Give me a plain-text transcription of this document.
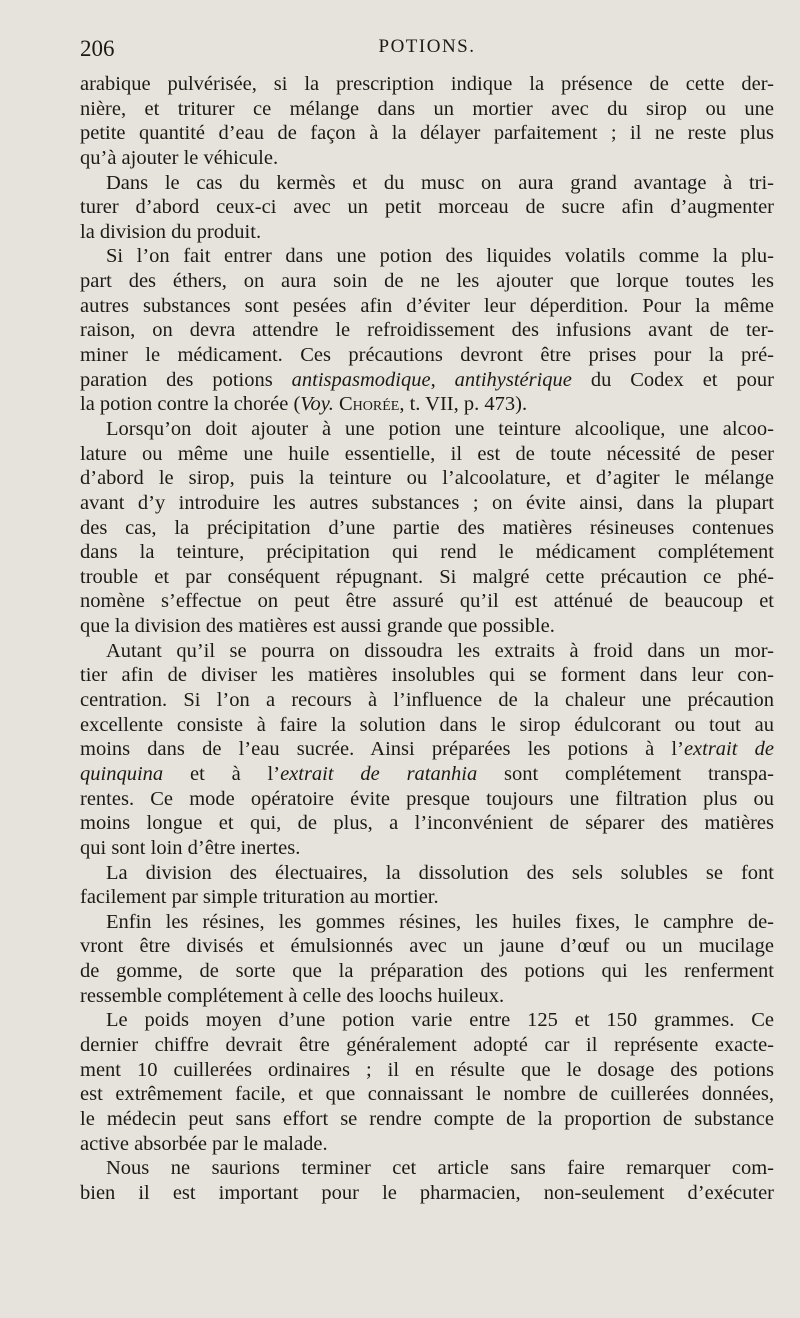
206	POTIONS.
arabique pulvérisée, si la prescription indique la présence de cette der-
nière, et triturer ce mélange dans un mortier avec du sirop ou une
petite quantité d’eau de façon à la délayer parfaitement ; il ne reste plus
qu’à ajouter le véhicule.
Dans le cas du kermès et du musc on aura grand avantage à tri-
turer d’abord ceux-ci avec un petit morceau de sucre afin d’augmenter
la division du produit.
Si l’on fait entrer dans une potion des liquides volatils comme la plu-
part des éthers, on aura soin de ne les ajouter que lorque toutes les
autres substances sont pesées afin d’éviter leur déperdition. Pour la même
raison, on devra attendre le refroidissement des infusions avant de ter-
miner le médicament. Ces précautions devront être prises pour la pré-
paration des potions antispasmodique, antihystérique du Codex et pour
la potion contre la chorée (Voy. Chorée, t. VII, p. 473).
Lorsqu’on doit ajouter à une potion une teinture alcoolique, une alcoo-
lature ou même une huile essentielle, il est de toute nécessité de peser
d’abord le sirop, puis la teinture ou l’alcoolature, et d’agiter le mélange
avant d’y introduire les autres substances ; on évite ainsi, dans la plupart
des cas, la précipitation d’une partie des matières résineuses contenues
dans la teinture, précipitation qui rend le médicament complétement
trouble et par conséquent répugnant. Si malgré cette précaution ce phé-
nomène s’effectue on peut être assuré qu’il est atténué de beaucoup et
que la division des matières est aussi grande que possible.
Autant qu’il se pourra on dissoudra les extraits à froid dans un mor-
tier afin de diviser les matières insolubles qui se forment dans leur con-
centration. Si l’on a recours à l’influence de la chaleur une précaution
excellente consiste à faire la solution dans le sirop édulcorant ou tout au
moins dans de l’eau sucrée. Ainsi préparées les potions à l’extrait de
quinquina et à l’extrait de ratanhia sont complétement transpa-
rentes. Ce mode opératoire évite presque toujours une filtration plus ou
moins longue et qui, de plus, a l’inconvénient de séparer des matières
qui sont loin d’être inertes.
La division des électuaires, la dissolution des sels solubles se font
facilement par simple trituration au mortier.
Enfin les résines, les gommes résines, les huiles fixes, le camphre de-
vront être divisés et émulsionnés avec un jaune d’œuf ou un mucilage
de gomme, de sorte que la préparation des potions qui les renferment
ressemble complétement à celle des loochs huileux.
Le poids moyen d’une potion varie entre 125 et 150 grammes. Ce
dernier chiffre devrait être généralement adopté car il représente exacte-
ment 10 cuillerées ordinaires ; il en résulte que le dosage des potions
est extrêmement facile, et que connaissant le nombre de cuillerées données,
le médecin peut sans effort se rendre compte de la proportion de substance
active absorbée par le malade.
Nous ne saurions terminer cet article sans faire remarquer com-
bien il est important pour le pharmacien, non-seulement d’exécuter
